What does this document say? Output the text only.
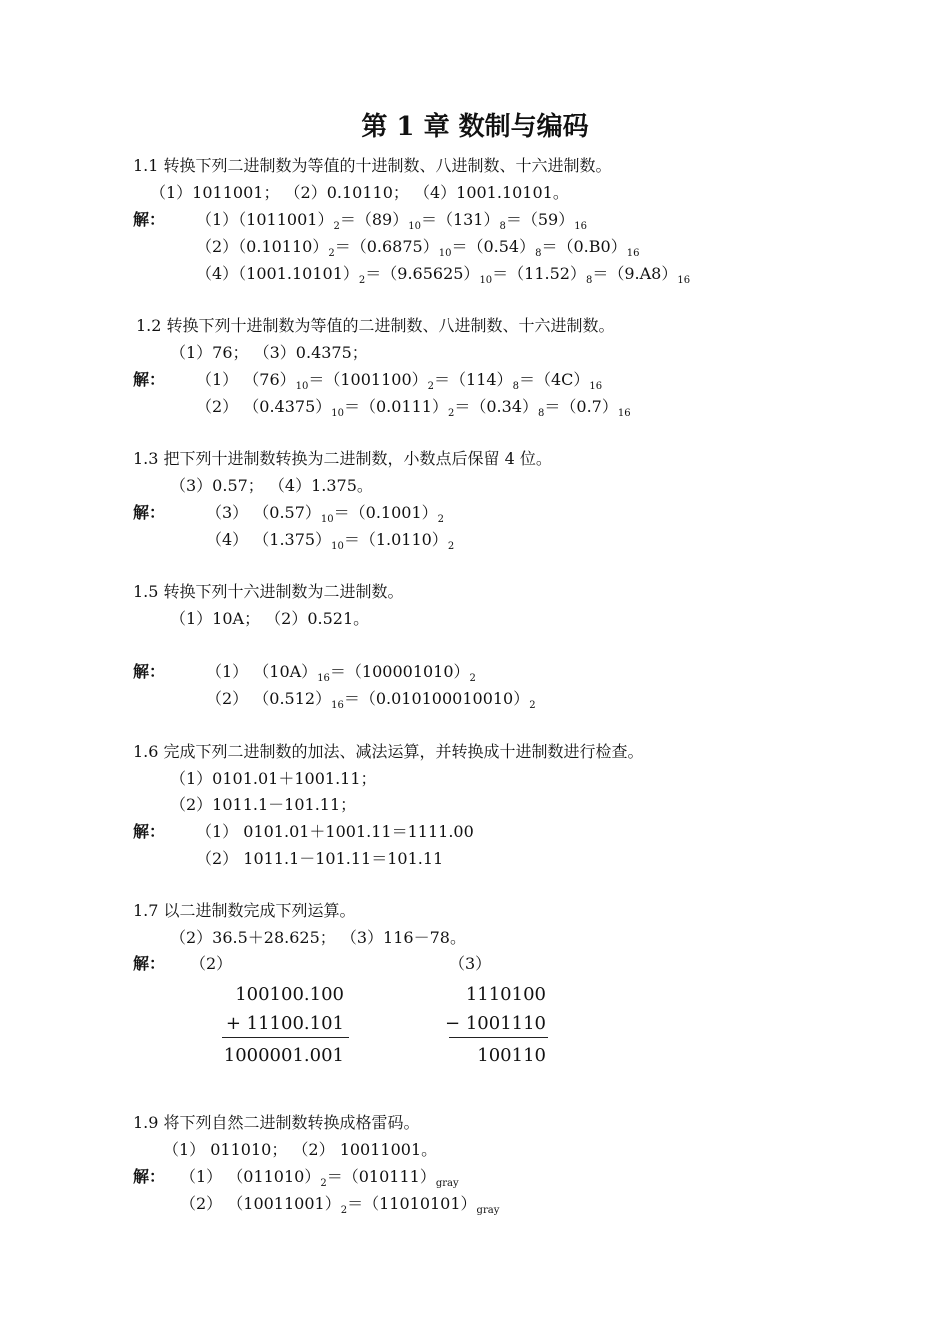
第 1 章 数制与编码
1.1 转换下列二进制数为等值的十进制数、八进制数、十六进制数。
（1）1011001； （2）0.10110； （4）1001.10101。
解： $(1)(1011001)_2=(89)_{10}=(131)_8=(59)_{16}$
$(2)(0.10110)_2=(0.6875)_{10}=(0.54)_8=(0.B0)_{16}$
$(4)(1001.10101)_2=(9.65625)_{10}=(11.52)_8=(9.A8)_{16}$
1.2 转换下列十进制数为等值的二进制数、八进制数、十六进制数。
（1）76； （3）0.4375；
解： （1） $(76)_{10}=(1001100)_2=(114)_8=(4C)_{16}$
（2） $(0.4375)_{10}=(0.0111)_2=(0.34)_8=(0.7)_{16}$
1.3 把下列十进制数转换为二进制数，小数点后保留 4 位。
（3）0.57； （4）1.375。
解：	（3） $(0.57)_{10}=(0.1001)_2$
（4） $(1.375)_{10}=(1.0110)_2$
1.5 转换下列十六进制数为二进制数。
（1）10A； （2）0.521。
解：	（1） $(10A)_{16}=(100001010)_2$
（2） $(0.512)_{16}=(0.010100010010)_2$
1.6 完成下列二进制数的加法、减法运算，并转换成十进制数进行检查。
（1）0101.01＋1001.11；
（2）1011.1－101.11；
解： （1） 0101.01＋1001.11＝1111.00
（2） 1011.1－101.11＝101.11
1.7 以二进制数完成下列运算。
（2）36.5＋28.625； （3）116－78。
解： （2）	（3）
100100.100
+ 11100.101
1000001.001
1110100
− 1001110
100110
1.9 将下列自然二进制数转换成格雷码。
（1） 011010； （2） 10011001。
解： （1） $(011010)_2=(010111)_{gray}$
（2） $(10011001)_2=(11010101)_{gray}$
